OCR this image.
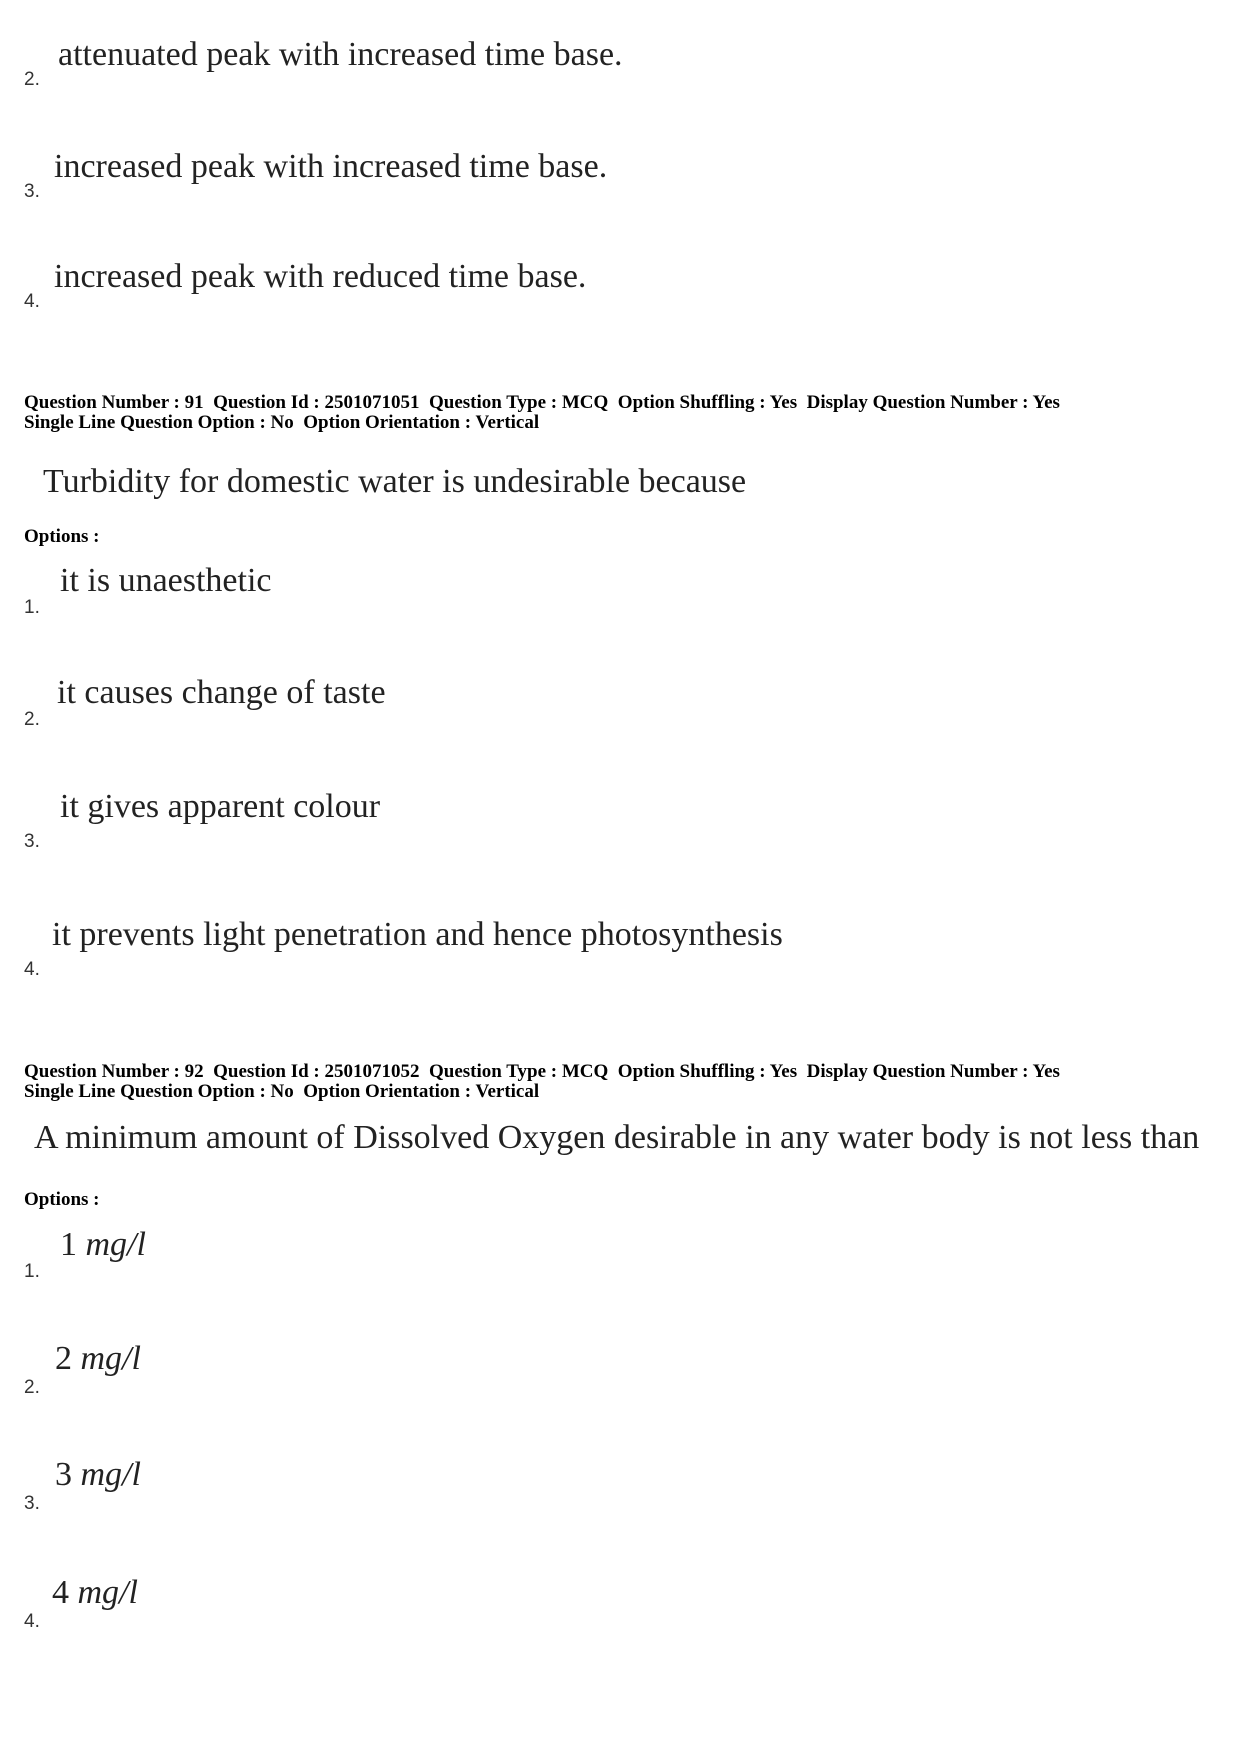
2.
attenuated peak with increased time base.
3.
increased peak with increased time base.
4.
increased peak with reduced time base.
Question Number : 91  Question Id : 2501071051  Question Type : MCQ  Option Shuffling : Yes  Display Question Number : Yes
Single Line Question Option : No  Option Orientation : Vertical
Turbidity for domestic water is undesirable because
Options :
1.
it is unaesthetic
2.
it causes change of taste
3.
it gives apparent colour
4.
it prevents light penetration and hence photosynthesis
Question Number : 92  Question Id : 2501071052  Question Type : MCQ  Option Shuffling : Yes  Display Question Number : Yes
Single Line Question Option : No  Option Orientation : Vertical
A minimum amount of Dissolved Oxygen desirable in any water body is not less than
Options :
1.
1 mg/l
2.
2 mg/l
3.
3 mg/l
4.
4 mg/l
